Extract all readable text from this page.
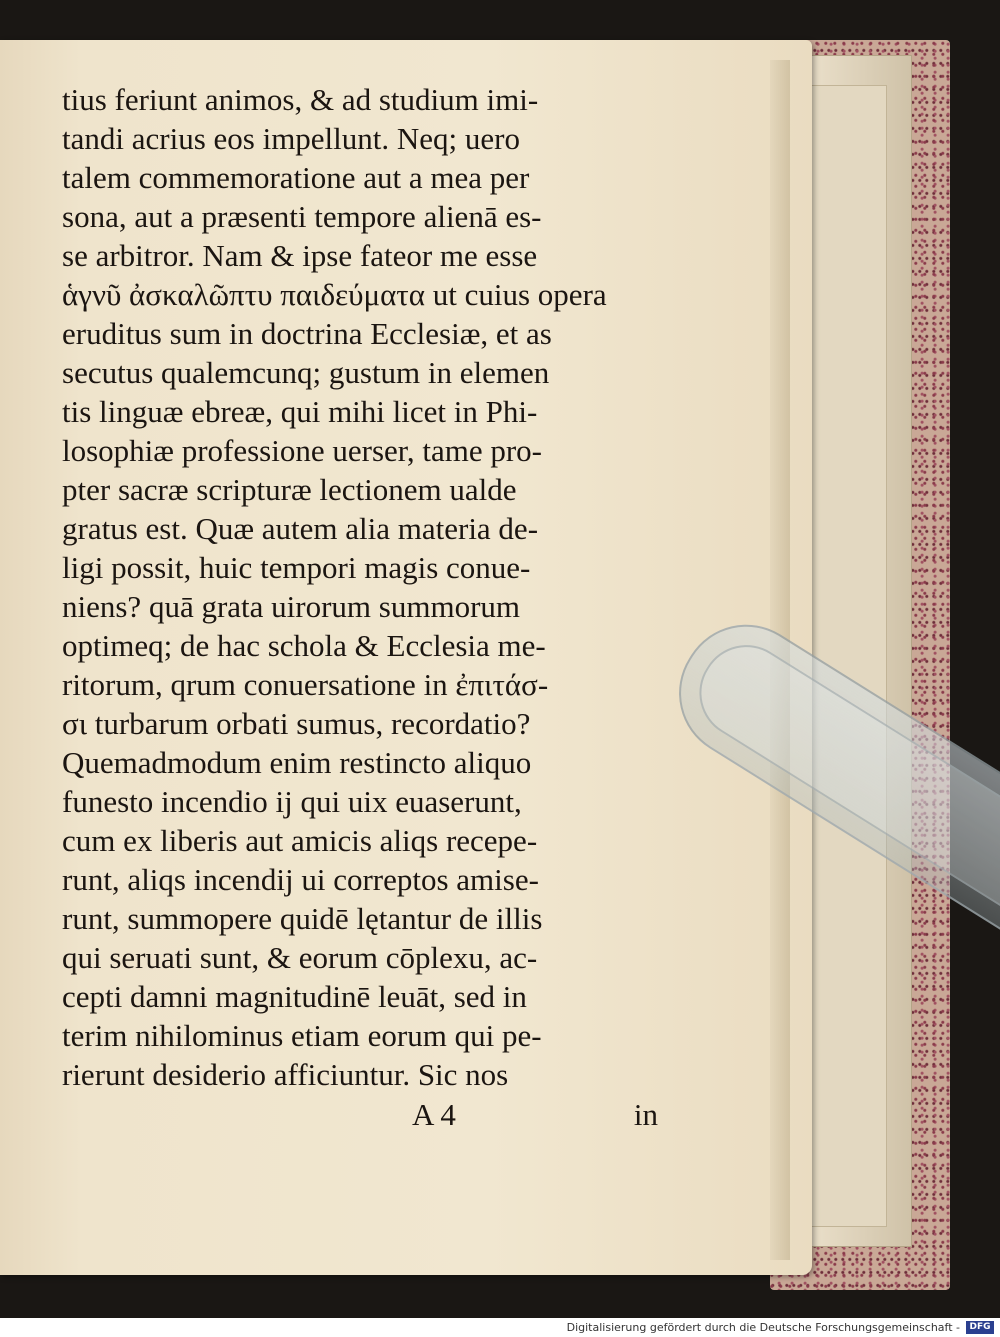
tius feriunt animos, & ad studium imi-
tandi acrius eos impellunt. Neq; uero
talem commemoratione aut a mea per
sona, aut a præsenti tempore alienā es-
se arbitror. Nam & ipse fateor me esse
ἁγνῦ ἀσκαλῶπτυ παιδεύματα ut cuius opera
eruditus sum in doctrina Ecclesiæ, et as
secutus qualemcunq; gustum in elemen
tis linguæ ebreæ, qui mihi licet in Phi-
losophiæ professione uerser, tame pro-
pter sacræ scripturæ lectionem ualde
gratus est. Quæ autem alia materia de-
ligi possit, huic tempori magis conue-
niens? quā grata uirorum summorum
optimeq; de hac schola & Ecclesia me-
ritorum, qrum conuersatione in ἐπιτάσ-
σι turbarum orbati sumus, recordatio?
Quemadmodum enim restincto aliquo
funesto incendio ij qui uix euaserunt,
cum ex liberis aut amicis aliqs recepe-
runt, aliqs incendij ui correptos amise-
runt, summopere quidē lętantur de illis
qui seruati sunt, & eorum cōplexu, ac-
cepti damni magnitudinē leuāt, sed in
terim nihilominus etiam eorum qui pe-
rierunt desiderio afficiuntur. Sic nos
A 4	in
Digitalisierung gefördert durch die Deutsche Forschungsgemeinschaft -	DFG
